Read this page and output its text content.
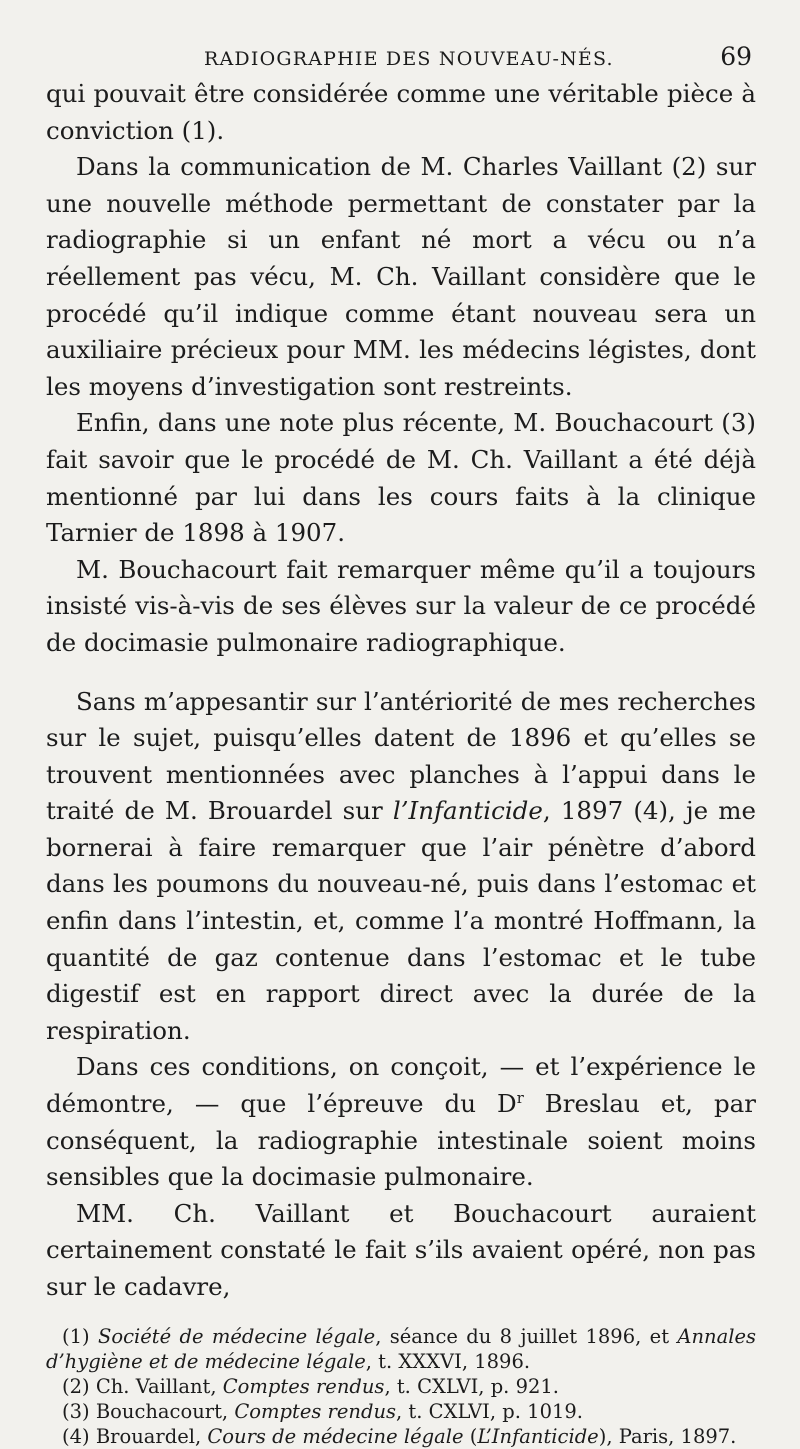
RADIOGRAPHIE DES NOUVEAU-NÉS.	69

qui pouvait être considérée comme une véritable pièce à conviction (1).

Dans la communication de M. Charles Vaillant (2) sur une nouvelle méthode permettant de constater par la radiographie si un enfant né mort a vécu ou n’a réellement pas vécu, M. Ch. Vaillant considère que le procédé qu’il indique comme étant nouveau sera un auxiliaire précieux pour MM. les médecins légistes, dont les moyens d’investigation sont restreints.

Enfin, dans une note plus récente, M. Bouchacourt (3) fait savoir que le procédé de M. Ch. Vaillant a été déjà mentionné par lui dans les cours faits à la clinique Tarnier de 1898 à 1907.

M. Bouchacourt fait remarquer même qu’il a toujours insisté vis-à-vis de ses élèves sur la valeur de ce procédé de docimasie pulmonaire radiographique.

Sans m’appesantir sur l’antériorité de mes recherches sur le sujet, puisqu’elles datent de 1896 et qu’elles se trouvent mentionnées avec planches à l’appui dans le traité de M. Brouardel sur l’Infanticide, 1897 (4), je me bornerai à faire remarquer que l’air pénètre d’abord dans les poumons du nouveau-né, puis dans l’estomac et enfin dans l’intestin, et, comme l’a montré Hoffmann, la quantité de gaz contenue dans l’estomac et le tube digestif est en rapport direct avec la durée de la respiration.

Dans ces conditions, on conçoit, — et l’expérience le démontre, — que l’épreuve du $D^r$ Breslau et, par conséquent, la radiographie intestinale soient moins sensibles que la docimasie pulmonaire.

MM. Ch. Vaillant et Bouchacourt auraient certainement constaté le fait s’ils avaient opéré, non pas sur le cadavre,

(1) Société de médecine légale, séance du 8 juillet 1896, et Annales d’hygiène et de médecine légale, t. XXXVI, 1896.

(2) Ch. Vaillant, Comptes rendus, t. CXLVI, p. 921.

(3) Bouchacourt, Comptes rendus, t. CXLVI, p. 1019.

(4) Brouardel, Cours de médecine légale (L’Infanticide), Paris, 1897.
